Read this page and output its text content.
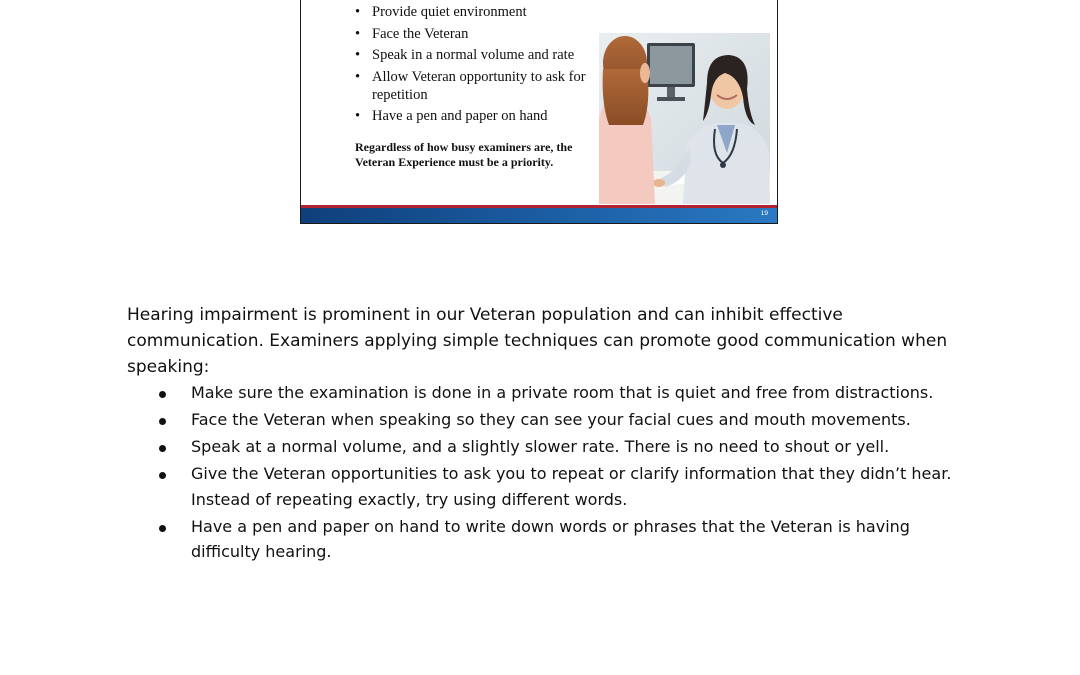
• Provide quiet environment
• Face the Veteran
• Speak in a normal volume and rate
• Allow Veteran opportunity to ask for repetition
• Have a pen and paper on hand

Regardless of how busy examiners are, the Veteran Experience must be a priority.

19

Hearing impairment is prominent in our Veteran population and can inhibit effective communication. Examiners applying simple techniques can promote good communication when speaking:

Make sure the examination is done in a private room that is quiet and free from distractions.
Face the Veteran when speaking so they can see your facial cues and mouth movements.
Speak at a normal volume, and a slightly slower rate. There is no need to shout or yell.
Give the Veteran opportunities to ask you to repeat or clarify information that they didn’t hear. Instead of repeating exactly, try using different words.
Have a pen and paper on hand to write down words or phrases that the Veteran is having difficulty hearing.
